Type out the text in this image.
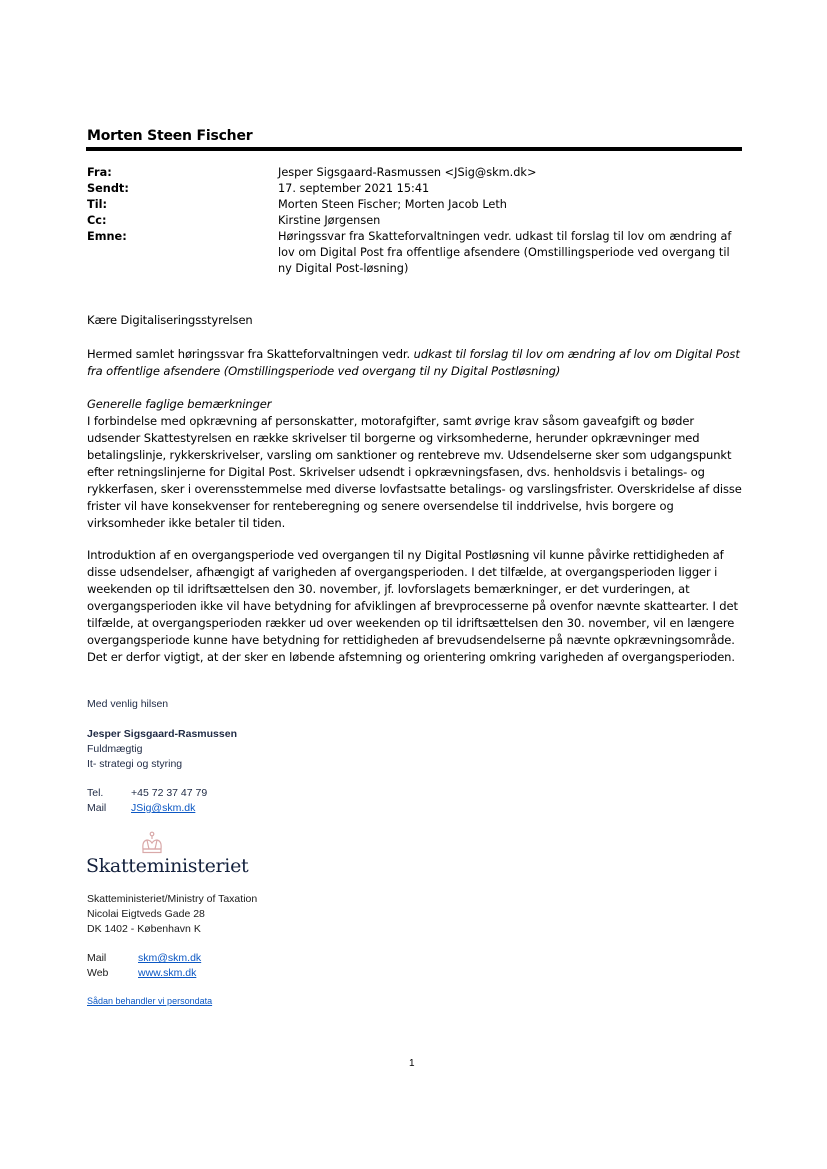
Morten Steen Fischer
Fra:	Jesper Sigsgaard-Rasmussen <JSig@skm.dk>
Sendt:	17. september 2021 15:41
Til:	Morten Steen Fischer; Morten Jacob Leth
Cc:	Kirstine Jørgensen
Emne:	Høringssvar fra Skatteforvaltningen vedr. udkast til forslag til lov om ændring af lov om Digital Post fra offentlige afsendere (Omstillingsperiode ved overgang til ny Digital Post-løsning)
Kære Digitaliseringsstyrelsen

Hermed samlet høringssvar fra Skatteforvaltningen vedr. udkast til forslag til lov om ændring af lov om Digital Post fra offentlige afsendere (Omstillingsperiode ved overgang til ny Digital Postløsning)

Generelle faglige bemærkninger
I forbindelse med opkrævning af personskatter, motorafgifter, samt øvrige krav såsom gaveafgift og bøder udsender Skattestyrelsen en række skrivelser til borgerne og virksomhederne, herunder opkrævninger med betalingslinje, rykkerskrivelser, varsling om sanktioner og rentebreve mv. Udsendelserne sker som udgangspunkt efter retningslinjerne for Digital Post. Skrivelser udsendt i opkrævningsfasen, dvs. henholdsvis i betalings- og rykkerfasen, sker i overensstemmelse med diverse lovfastsatte betalings- og varslingsfrister. Overskridelse af disse frister vil have konsekvenser for renteberegning og senere oversendelse til inddrivelse, hvis borgere og virksomheder ikke betaler til tiden.
Introduktion af en overgangsperiode ved overgangen til ny Digital Postløsning vil kunne påvirke rettidigheden af disse udsendelser, afhængigt af varigheden af overgangsperioden. I det tilfælde, at overgangsperioden ligger i weekenden op til idriftsættelsen den 30. november, jf. lovforslagets bemærkninger, er det vurderingen, at overgangsperioden ikke vil have betydning for afviklingen af brevprocesserne på ovenfor nævnte skattearter. I det tilfælde, at overgangsperioden rækker ud over weekenden op til idriftsættelsen den 30. november, vil en længere overgangsperiode kunne have betydning for rettidigheden af brevudsendelserne på nævnte opkrævningsområde. Det er derfor vigtigt, at der sker en løbende afstemning og orientering omkring varigheden af overgangsperioden.
Med venlig hilsen
Jesper Sigsgaard-Rasmussen
Fuldmægtig
It- strategi og styring
Tel.	+45 72 37 47 79
Mail	JSig@skm.dk
Skatteministeriet
Skatteministeriet/Ministry of Taxation
Nicolai Eigtveds Gade 28
DK 1402 - København K
Mail	skm@skm.dk
Web	www.skm.dk
Sådan behandler vi persondata
1
